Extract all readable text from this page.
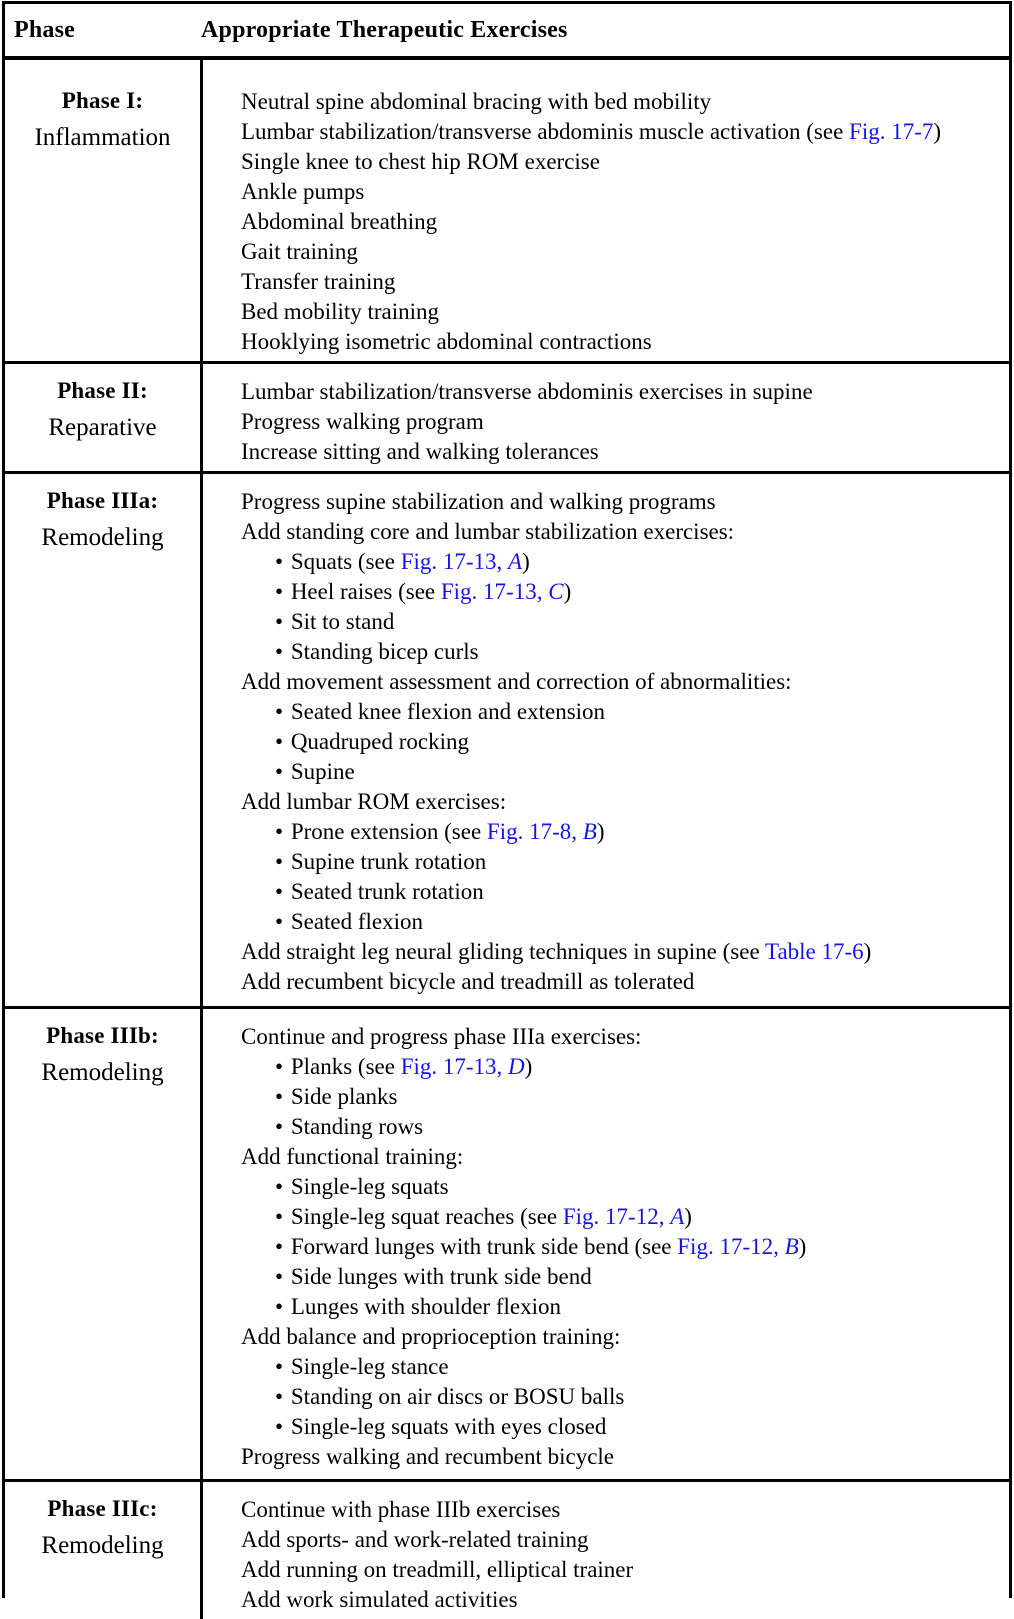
Phase	Appropriate Therapeutic Exercises
Phase I:
Inflammation
Neutral spine abdominal bracing with bed mobility
Lumbar stabilization/transverse abdominis muscle activation (see Fig. 17-7)
Single knee to chest hip ROM exercise
Ankle pumps
Abdominal breathing
Gait training
Transfer training
Bed mobility training
Hooklying isometric abdominal contractions
Phase II:
Reparative
Lumbar stabilization/transverse abdominis exercises in supine
Progress walking program
Increase sitting and walking tolerances
Phase IIIa:
Remodeling
Progress supine stabilization and walking programs
Add standing core and lumbar stabilization exercises:
• Squats (see Fig. 17-13, A)
• Heel raises (see Fig. 17-13, C)
• Sit to stand
• Standing bicep curls
Add movement assessment and correction of abnormalities:
• Seated knee flexion and extension
• Quadruped rocking
• Supine
Add lumbar ROM exercises:
• Prone extension (see Fig. 17-8, B)
• Supine trunk rotation
• Seated trunk rotation
• Seated flexion
Add straight leg neural gliding techniques in supine (see Table 17-6)
Add recumbent bicycle and treadmill as tolerated
Phase IIIb:
Remodeling
Continue and progress phase IIIa exercises:
• Planks (see Fig. 17-13, D)
• Side planks
• Standing rows
Add functional training:
• Single-leg squats
• Single-leg squat reaches (see Fig. 17-12, A)
• Forward lunges with trunk side bend (see Fig. 17-12, B)
• Side lunges with trunk side bend
• Lunges with shoulder flexion
Add balance and proprioception training:
• Single-leg stance
• Standing on air discs or BOSU balls
• Single-leg squats with eyes closed
Progress walking and recumbent bicycle
Phase IIIc:
Remodeling
Continue with phase IIIb exercises
Add sports- and work-related training
Add running on treadmill, elliptical trainer
Add work simulated activities
